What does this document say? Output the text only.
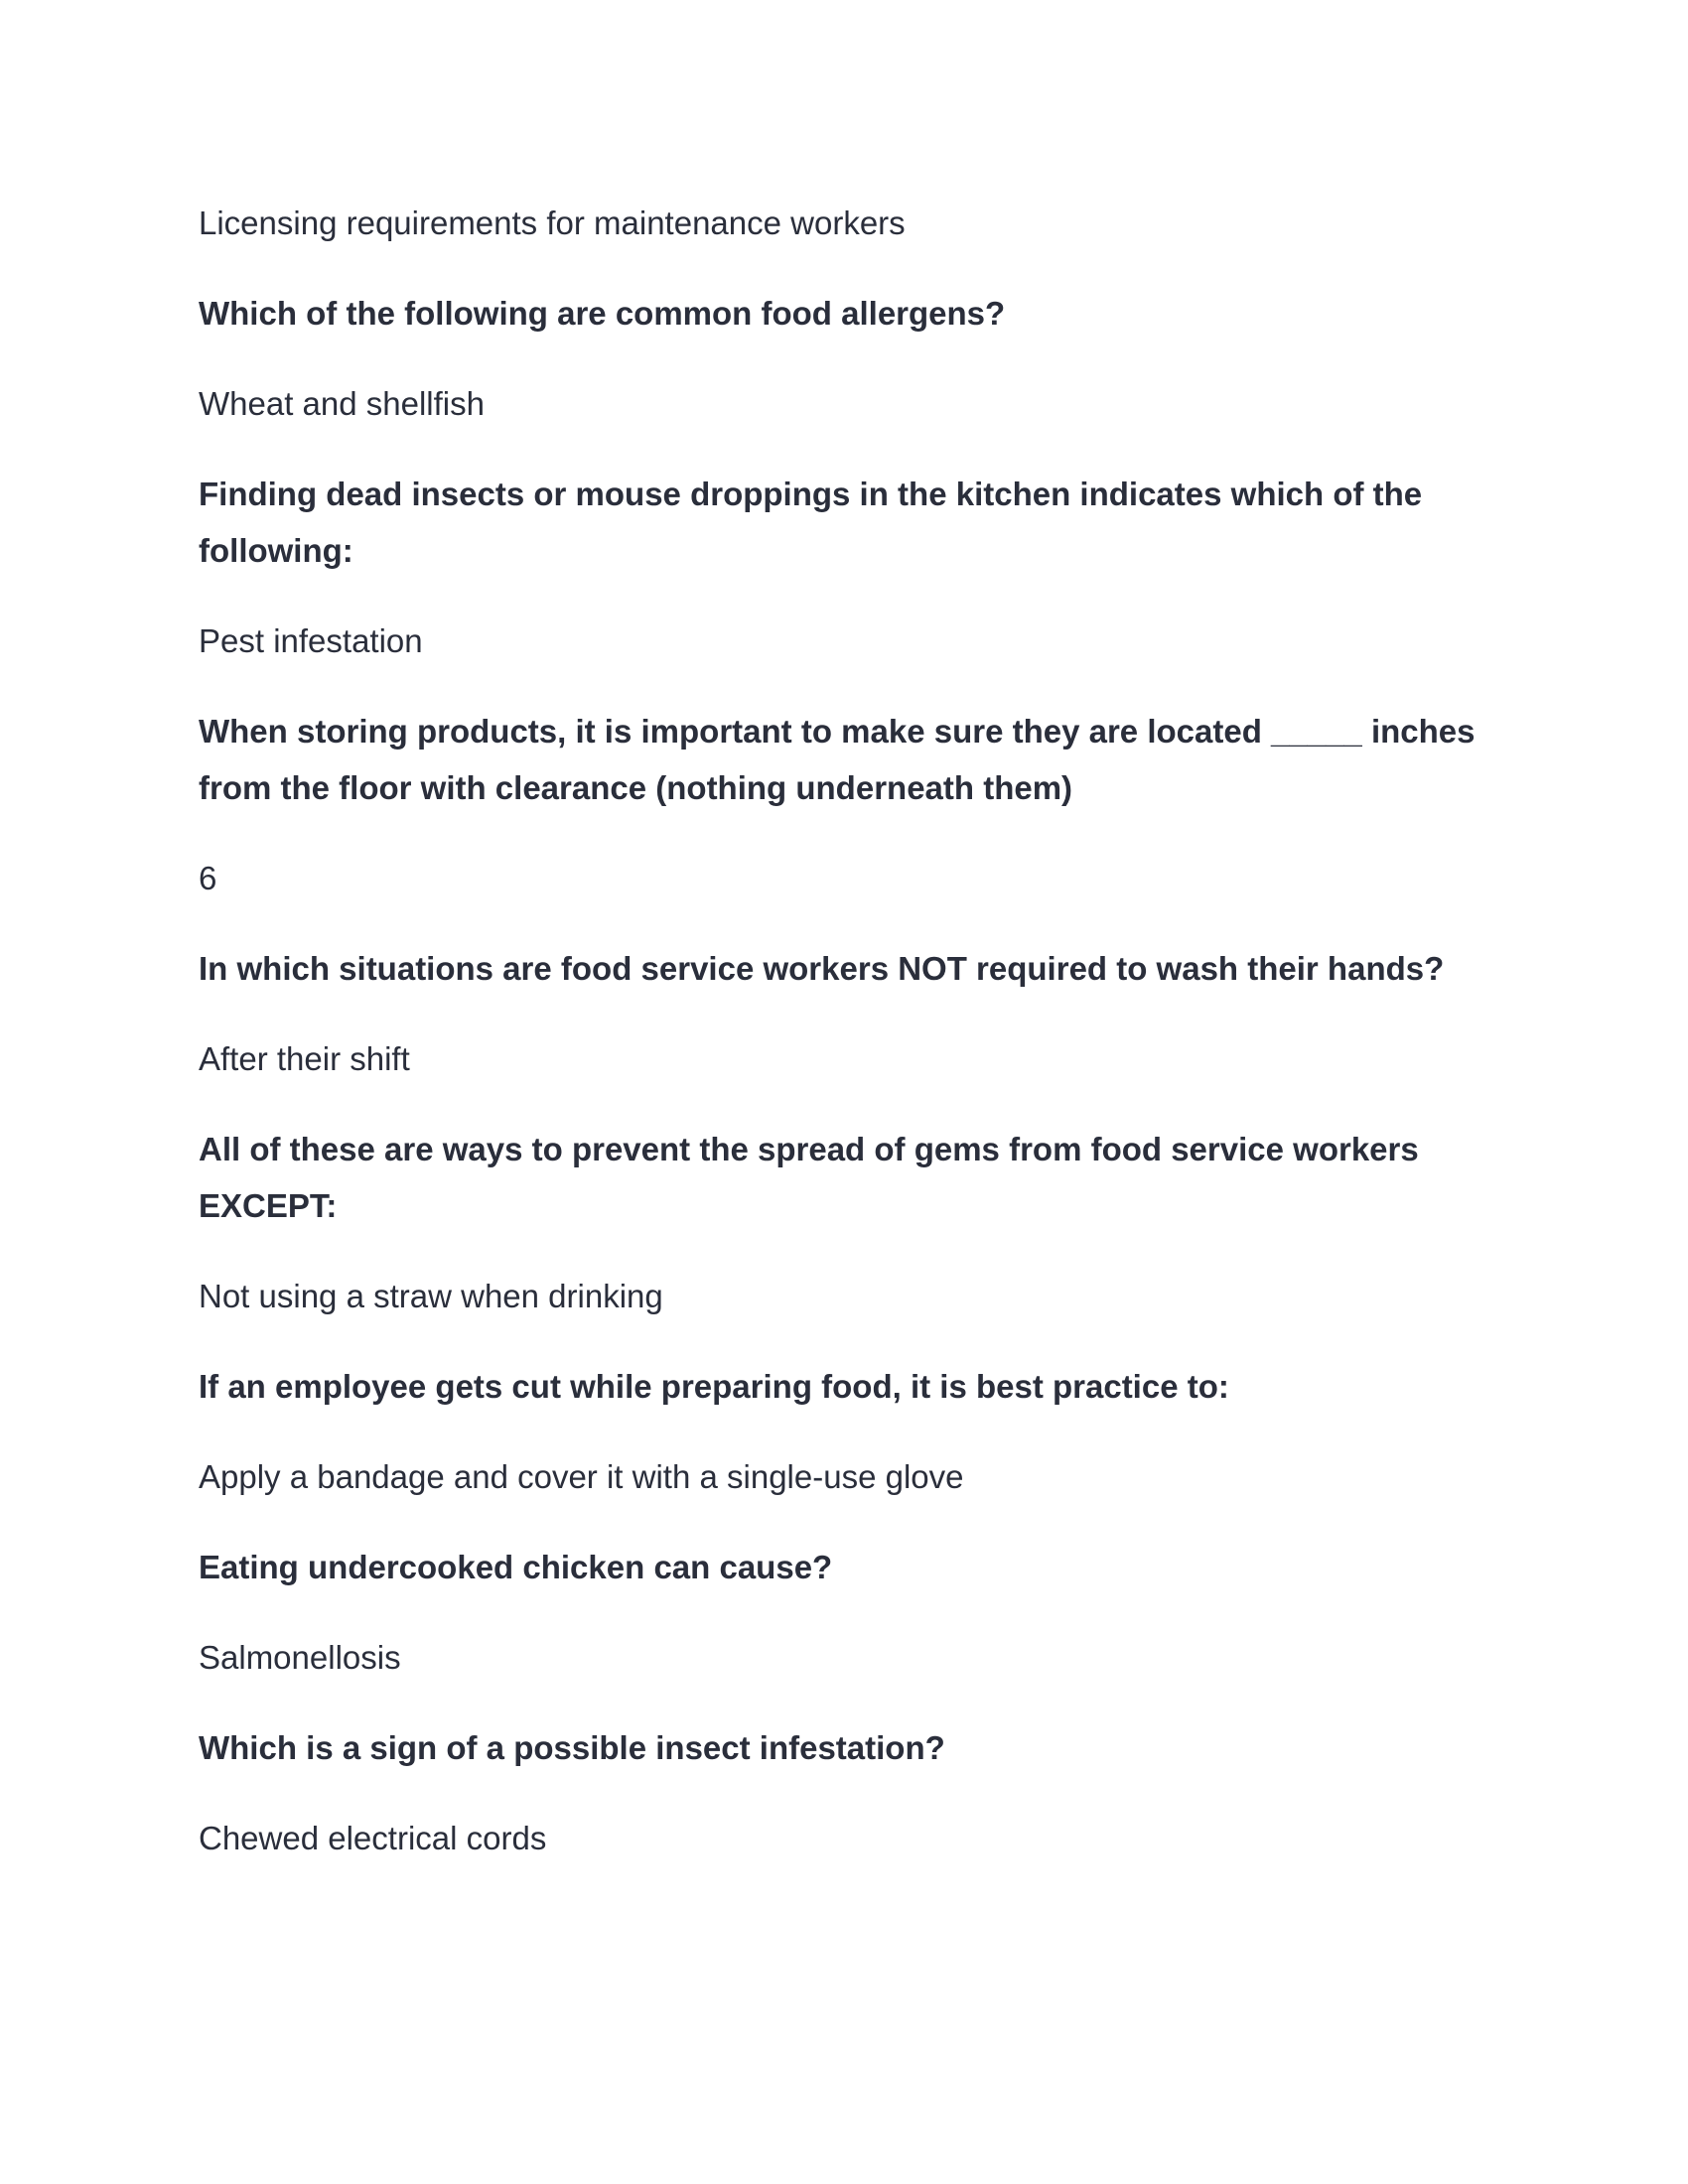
Licensing requirements for maintenance workers

Which of the following are common food allergens?

Wheat and shellfish

Finding dead insects or mouse droppings in the kitchen indicates which of the following:

Pest infestation

When storing products, it is important to make sure they are located _____ inches from the floor with clearance (nothing underneath them)

6

In which situations are food service workers NOT required to wash their hands?

After their shift

All of these are ways to prevent the spread of gems from food service workers EXCEPT:

Not using a straw when drinking

If an employee gets cut while preparing food, it is best practice to:

Apply a bandage and cover it with a single-use glove

Eating undercooked chicken can cause?

Salmonellosis

Which is a sign of a possible insect infestation?

Chewed electrical cords
